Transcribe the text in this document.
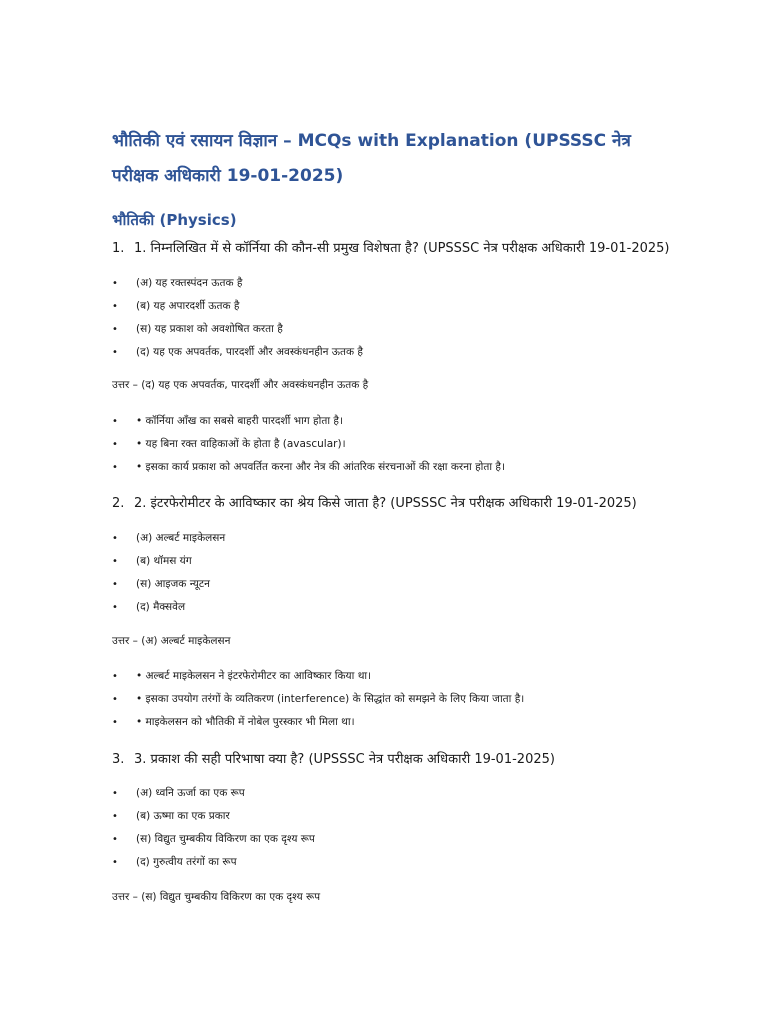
भौतिकी एवं रसायन विज्ञान – MCQs with Explanation (UPSSSC नेत्र परीक्षक अधिकारी 19-01-2025)
भौतिकी (Physics)

1. 1. निम्नलिखित में से कॉर्निया की कौन-सी प्रमुख विशेषता है? (UPSSSC नेत्र परीक्षक अधिकारी 19-01-2025)

• (अ) यह रक्तस्पंदन ऊतक है

• (ब) यह अपारदर्शी ऊतक है

• (स) यह प्रकाश को अवशोषित करता है

• (द) यह एक अपवर्तक, पारदर्शी और अवस्कंधनहीन ऊतक है

उत्तर – (द) यह एक अपवर्तक, पारदर्शी और अवस्कंधनहीन ऊतक है

• • कॉर्निया आँख का सबसे बाहरी पारदर्शी भाग होता है।

• • यह बिना रक्त वाहिकाओं के होता है (avascular)।

• • इसका कार्य प्रकाश को अपवर्तित करना और नेत्र की आंतरिक संरचनाओं की रक्षा करना होता है।

2. 2. इंटरफेरोमीटर के आविष्कार का श्रेय किसे जाता है? (UPSSSC नेत्र परीक्षक अधिकारी 19-01-2025)

• (अ) अल्बर्ट माइकेलसन

• (ब) थॉमस यंग

• (स) आइजक न्यूटन

• (द) मैक्सवेल

उत्तर – (अ) अल्बर्ट माइकेलसन

• • अल्बर्ट माइकेलसन ने इंटरफेरोमीटर का आविष्कार किया था।

• • इसका उपयोग तरंगों के व्यतिकरण (interference) के सिद्धांत को समझने के लिए किया जाता है।

• • माइकेलसन को भौतिकी में नोबेल पुरस्कार भी मिला था।

3. 3. प्रकाश की सही परिभाषा क्या है? (UPSSSC नेत्र परीक्षक अधिकारी 19-01-2025)

• (अ) ध्वनि ऊर्जा का एक रूप

• (ब) ऊष्मा का एक प्रकार

• (स) विद्युत चुम्बकीय विकिरण का एक दृश्य रूप

• (द) गुरुत्वीय तरंगों का रूप

उत्तर – (स) विद्युत चुम्बकीय विकिरण का एक दृश्य रूप
